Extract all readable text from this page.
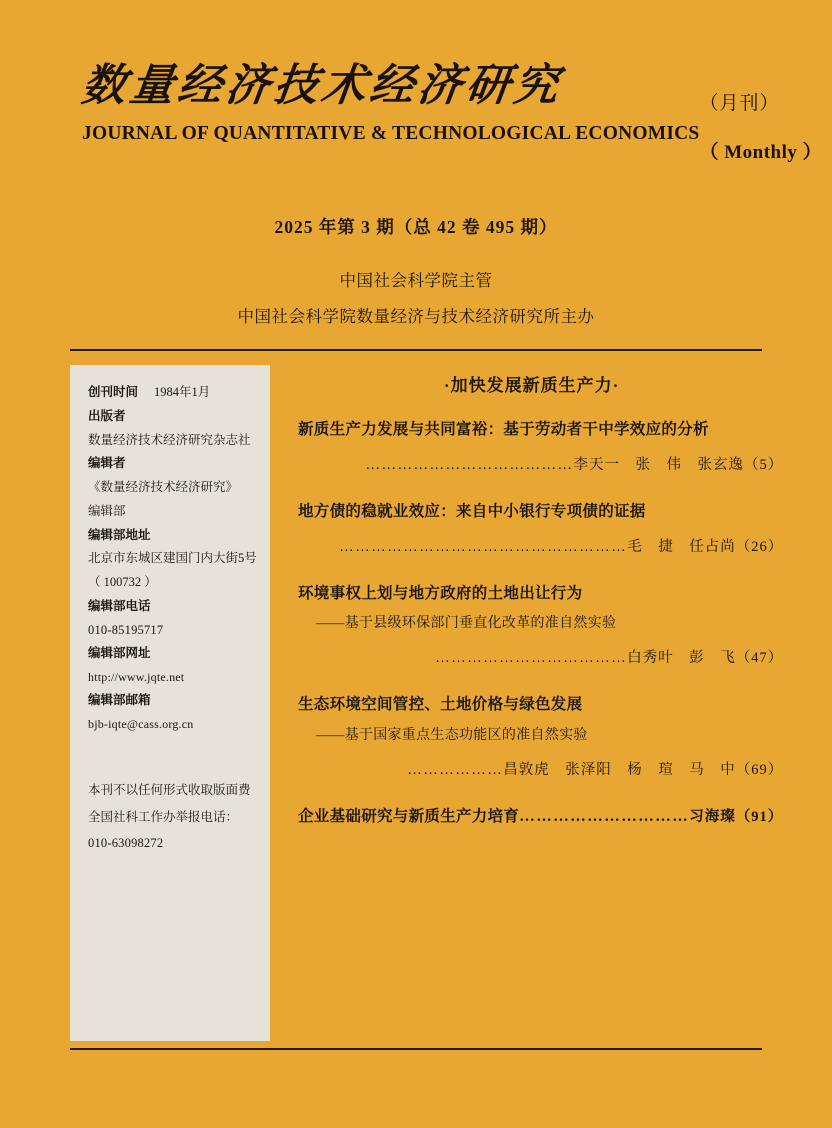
数量经济技术经济研究
JOURNAL OF QUANTITATIVE & TECHNOLOGICAL ECONOMICS
（月刊）
（ Monthly ）
2025 年第 3 期（总 42 卷 495 期）
中国社会科学院主管
中国社会科学院数量经济与技术经济研究所主办
创刊时间 1984年1月
出版者
数量经济技术经济研究杂志社
编辑者
《数量经济技术经济研究》
编辑部
编辑部地址
北京市东城区建国门内大街5号
（ 100732 ）
编辑部电话
010-85195717
编辑部网址
http://www.jqte.net
编辑部邮箱
bjb-iqte@cass.org.cn
本刊不以任何形式收取版面费
全国社科工作办举报电话：
010-63098272
·加快发展新质生产力·
新质生产力发展与共同富裕：基于劳动者干中学效应的分析
…………………………………李天一　张　伟　张玄逸（5）
地方债的稳就业效应：来自中小银行专项债的证据
………………………………………………毛　捷　任占尚（26）
环境事权上划与地方政府的土地出让行为
——基于县级环保部门垂直化改革的准自然实验
………………………………白秀叶　彭　飞（47）
生态环境空间管控、土地价格与绿色发展
——基于国家重点生态功能区的准自然实验
………………昌敦虎　张泽阳　杨　瑄　马　中（69）
企业基础研究与新质生产力培育…………………………习海璨（91）
